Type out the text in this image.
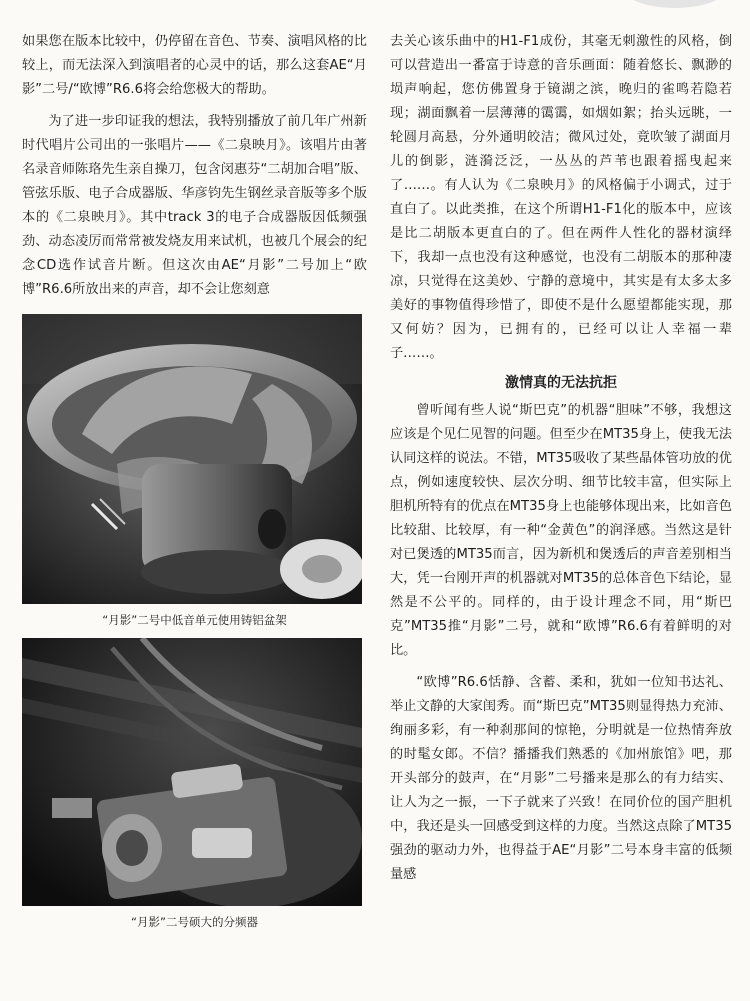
如果您在版本比较中，仍停留在音色、节奏、演唱风格的比较上，而无法深入到演唱者的心灵中的话，那么这套AE“月影”二号/“欧博”R6.6将会给您极大的帮助。

为了进一步印证我的想法，我特别播放了前几年广州新时代唱片公司出的一张唱片——《二泉映月》。该唱片由著名录音师陈珞先生亲自操刀，包含闵惠芬“二胡加合唱”版、管弦乐版、电子合成器版、华彦钧先生钢丝录音版等多个版本的《二泉映月》。其中track 3的电子合成器版因低频强劲、动态凌厉而常常被发烧友用来试机，也被几个展会的纪念CD选作试音片断。但这次由AE“月影”二号加上“欧博”R6.6所放出来的声音，却不会让您刻意

“月影”二号中低音单元使用铸铝盆架
“月影”二号硕大的分频器

去关心该乐曲中的H1-F1成份，其毫无刺激性的风格，倒可以营造出一番富于诗意的音乐画面：随着悠长、飘渺的埙声响起，您仿佛置身于镜湖之滨，晚归的雀鸣若隐若现；湖面飘着一层薄薄的霭霭，如烟如絮；抬头远眺，一轮圆月高悬，分外通明皎洁；微风过处，竟吹皱了湖面月儿的倒影，涟漪泛泛，一丛丛的芦苇也跟着摇曳起来了……。有人认为《二泉映月》的风格偏于小调式，过于直白了。以此类推，在这个所谓H1-F1化的版本中，应该是比二胡版本更直白的了。但在两件人性化的器材演绎下，我却一点也没有这种感觉，也没有二胡版本的那种凄凉，只觉得在这美妙、宁静的意境中，其实是有太多太多美好的事物值得珍惜了，即使不是什么愿望都能实现，那又何妨？因为，已拥有的，已经可以让人幸福一辈子……。

激情真的无法抗拒

曾听闻有些人说“斯巴克”的机器“胆味”不够，我想这应该是个见仁见智的问题。但至少在MT35身上，使我无法认同这样的说法。不错，MT35吸收了某些晶体管功放的优点，例如速度较快、层次分明、细节比较丰富，但实际上胆机所特有的优点在MT35身上也能够体现出来，比如音色比较甜、比较厚，有一种“金黄色”的润泽感。当然这是针对已煲透的MT35而言，因为新机和煲透后的声音差别相当大，凭一台刚开声的机器就对MT35的总体音色下结论，显然是不公平的。同样的，由于设计理念不同，用“斯巴克”MT35推“月影”二号，就和“欧博”R6.6有着鲜明的对比。

“欧博”R6.6恬静、含蓄、柔和，犹如一位知书达礼、举止文静的大家闺秀。而“斯巴克”MT35则显得热力充沛、绚丽多彩，有一种刹那间的惊艳，分明就是一位热情奔放的时髦女郎。不信？播播我们熟悉的《加州旅馆》吧，那开头部分的鼓声，在“月影”二号播来是那么的有力结实、让人为之一振，一下子就来了兴致！在同价位的国产胆机中，我还是头一回感受到这样的力度。当然这点除了MT35强劲的驱动力外，也得益于AE“月影”二号本身丰富的低频量感
